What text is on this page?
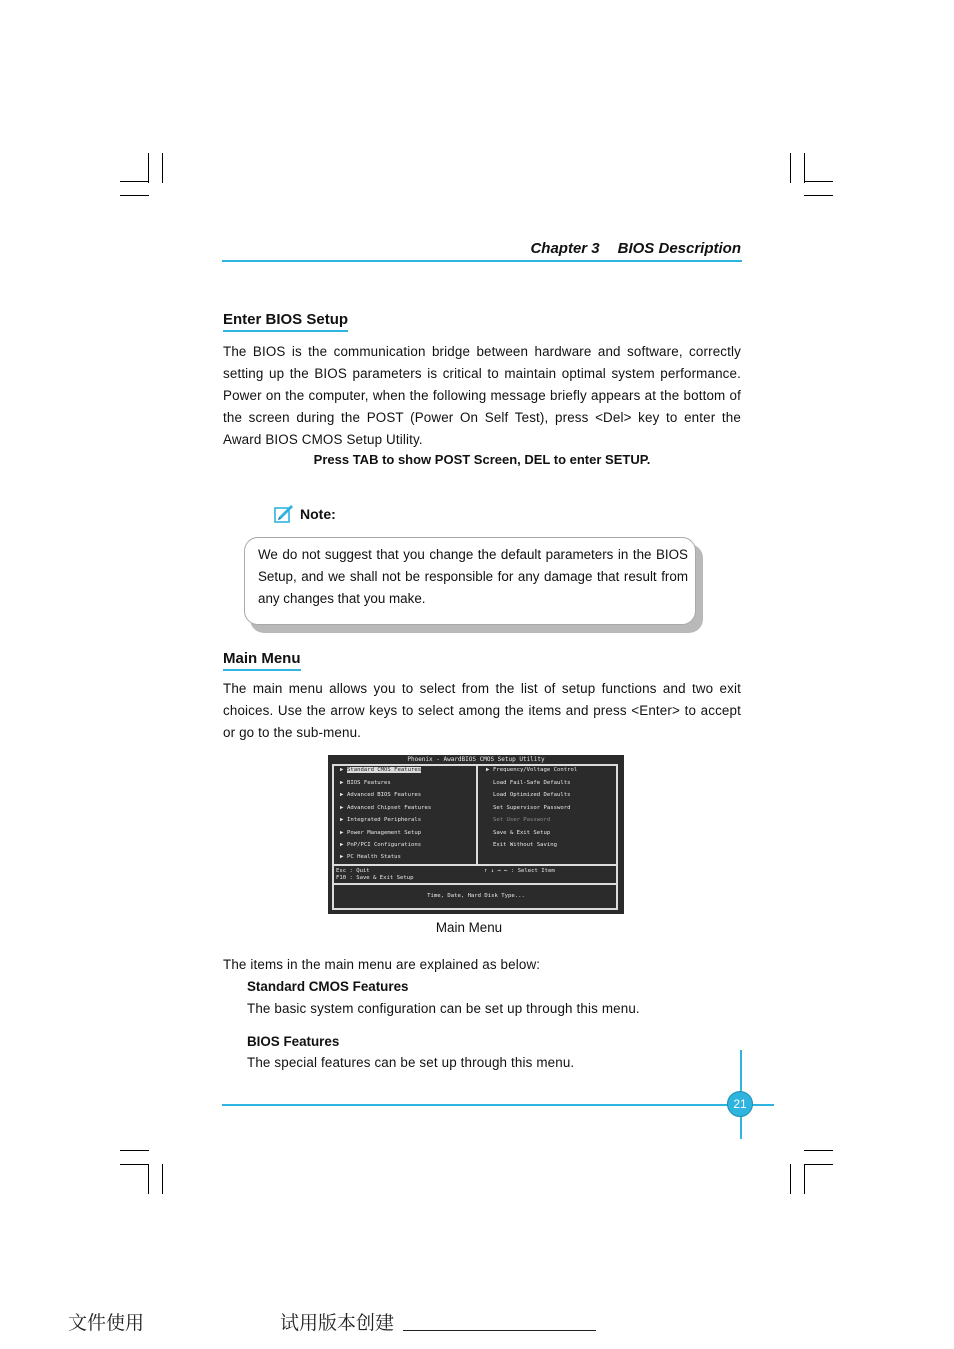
Chapter 3 BIOS Description
Enter BIOS Setup
The BIOS is the communication bridge between hardware and software, correctly setting up the BIOS parameters is critical to maintain optimal system performance. Power on the computer, when the following message briefly appears at the bottom of the screen during the POST (Power On Self Test), press <Del> key to enter the Award BIOS CMOS Setup Utility.
Press TAB to show POST Screen, DEL to enter SETUP.
Note:
We do not suggest that you change the default parameters in the BIOS Setup, and we shall not be responsible for any damage that result from any changes that you make.
Main Menu
The main menu allows you to select from the list of setup functions and two exit choices. Use the arrow keys to select among the items and press <Enter> to accept or go to the sub-menu.
Phoenix - AwardBIOS CMOS Setup Utility
▶ Standard CMOS Features
▶ BIOS Features
▶ Advanced BIOS Features
▶ Advanced Chipset Features
▶ Integrated Peripherals
▶ Power Management Setup
▶ PnP/PCI Configurations
▶ PC Health Status
▶ Frequency/Voltage Control
Load Fail-Safe Defaults
Load Optimized Defaults
Set Supervisor Password
Set User Password
Save & Exit Setup
Exit Without Saving
Esc : Quit
F10 : Save & Exit Setup
↑ ↓ → ← : Select Item
Time, Date, Hard Disk Type...
Main Menu
The items in the main menu are explained as below:
Standard CMOS Features
The basic system configuration can be set up through this menu.
BIOS Features
The special features can be set up through this menu.
21
文件使用	试用版本创建
